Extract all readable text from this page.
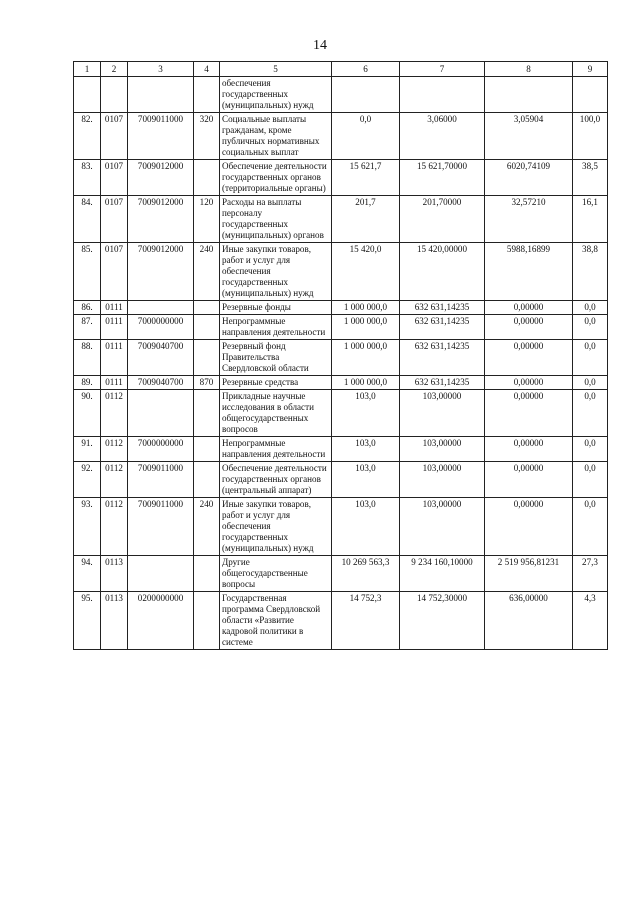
14
1	2	3	4	5	6	7	8	9
				обеспечения государственных (муниципальных) нужд				
82.	0107	7009011000	320	Социальные выплаты гражданам, кроме публичных нормативных социальных выплат	0,0	3,06000	3,05904	100,0
83.	0107	7009012000		Обеспечение деятельности государственных органов (территориальные органы)	15 621,7	15 621,70000	6020,74109	38,5
84.	0107	7009012000	120	Расходы на выплаты персоналу государственных (муниципальных) органов	201,7	201,70000	32,57210	16,1
85.	0107	7009012000	240	Иные закупки товаров, работ и услуг для обеспечения государственных (муниципальных) нужд	15 420,0	15 420,00000	5988,16899	38,8
86.	0111			Резервные фонды	1 000 000,0	632 631,14235	0,00000	0,0
87.	0111	7000000000		Непрограммные направления деятельности	1 000 000,0	632 631,14235	0,00000	0,0
88.	0111	7009040700		Резервный фонд Правительства Свердловской области	1 000 000,0	632 631,14235	0,00000	0,0
89.	0111	7009040700	870	Резервные средства	1 000 000,0	632 631,14235	0,00000	0,0
90.	0112			Прикладные научные исследования в области общегосударственных вопросов	103,0	103,00000	0,00000	0,0
91.	0112	7000000000		Непрограммные направления деятельности	103,0	103,00000	0,00000	0,0
92.	0112	7009011000		Обеспечение деятельности государственных органов (центральный аппарат)	103,0	103,00000	0,00000	0,0
93.	0112	7009011000	240	Иные закупки товаров, работ и услуг для обеспечения государственных (муниципальных) нужд	103,0	103,00000	0,00000	0,0
94.	0113			Другие общегосударственные вопросы	10 269 563,3	9 234 160,10000	2 519 956,81231	27,3
95.	0113	0200000000		Государственная программа Свердловской области «Развитие кадровой политики в системе	14 752,3	14 752,30000	636,00000	4,3
